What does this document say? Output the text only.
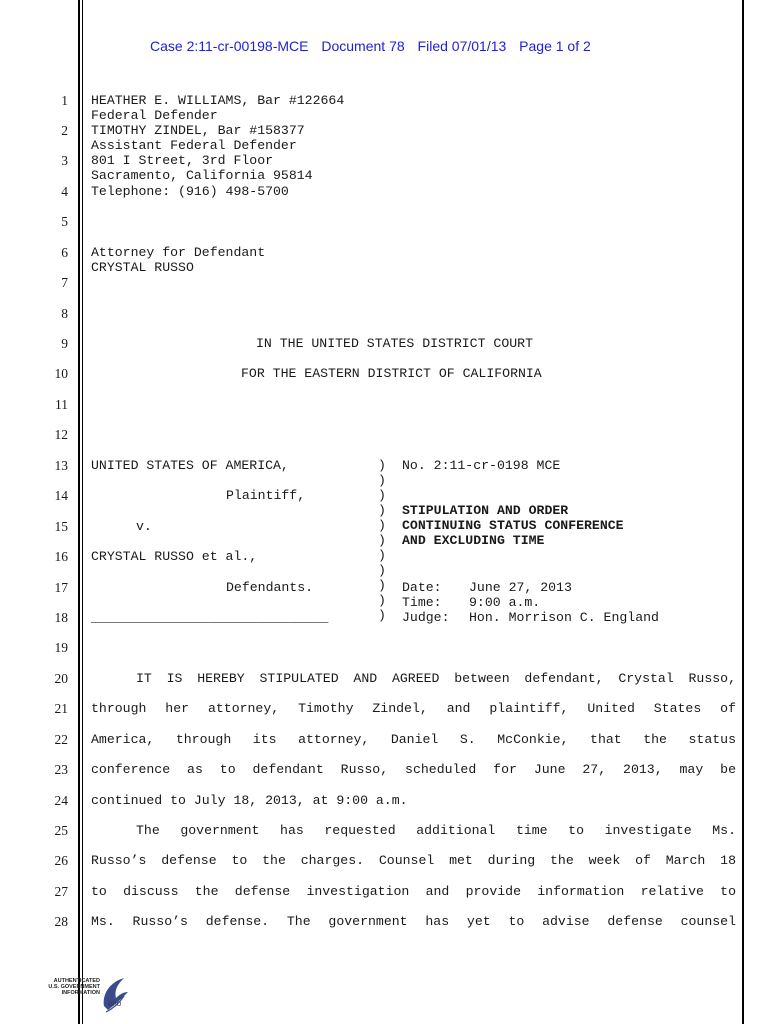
Case 2:11-cr-00198-MCE Document 78 Filed 07/01/13 Page 1 of 2
1
2
3
4
5
6
7
8
9
10
11
12
13
14
15
16
17
18
19
20
21
22
23
24
25
26
27
28
HEATHER E. WILLIAMS, Bar #122664
Federal Defender
TIMOTHY ZINDEL, Bar #158377
Assistant Federal Defender
801 I Street, 3rd Floor
Sacramento, California 95814
Telephone: (916) 498-5700
Attorney for Defendant
CRYSTAL RUSSO
IN THE UNITED STATES DISTRICT COURT
FOR THE EASTERN DISTRICT OF CALIFORNIA
UNITED STATES OF AMERICA,
Plaintiff,
v.
CRYSTAL RUSSO et al.,
Defendants.
______________________________
)
)
)
)
)
)
)
)
)
)
)
No. 2:11-cr-0198 MCE
STIPULATION AND ORDER
CONTINUING STATUS CONFERENCE
AND EXCLUDING TIME
Date: June 27, 2013
Time: 9:00 a.m.
Judge: Hon. Morrison C. England
IT IS HEREBY STIPULATED AND AGREED between defendant, Crystal Russo,
through her attorney, Timothy Zindel, and plaintiff, United States of
America, through its attorney, Daniel S. McConkie, that the status
conference as to defendant Russo, scheduled for June 27, 2013, may be
continued to July 18, 2013, at 9:00 a.m.
The government has requested additional time to investigate Ms.
Russo’s defense to the charges. Counsel met during the week of March 18
to discuss the defense investigation and provide information relative to
Ms. Russo’s defense. The government has yet to advise defense counsel
AUTHENTICATED
U.S. GOVERNMENT
INFORMATION
GPO
